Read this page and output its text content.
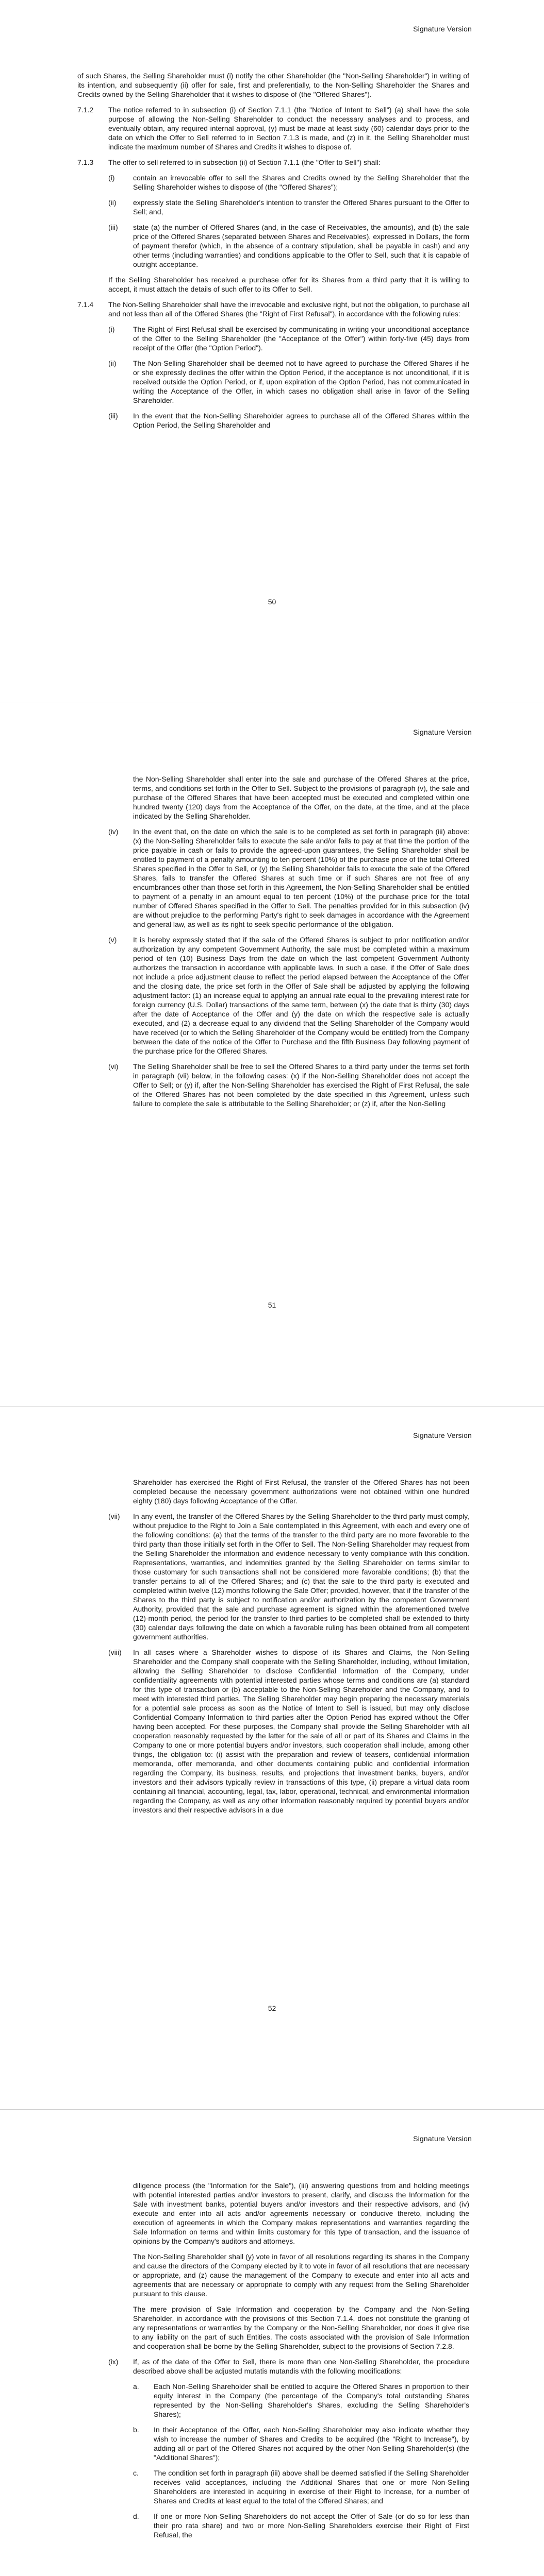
Signature Version

of such Shares, the Selling Shareholder must (i) notify the other Shareholder (the "Non-Selling Shareholder") in writing of its intention, and subsequently (ii) offer for sale, first and preferentially, to the Non-Selling Shareholder the Shares and Credits owned by the Selling Shareholder that it wishes to dispose of (the "Offered Shares").

7.1.2	The notice referred to in subsection (i) of Section 7.1.1 (the "Notice of Intent to Sell") (a) shall have the sole purpose of allowing the Non-Selling Shareholder to conduct the necessary analyses and to process, and eventually obtain, any required internal approval, (y) must be made at least sixty (60) calendar days prior to the date on which the Offer to Sell referred to in Section 7.1.3 is made, and (z) in it, the Selling Shareholder must indicate the maximum number of Shares and Credits it wishes to dispose of.
7.1.3	The offer to sell referred to in subsection (ii) of Section 7.1.1 (the "Offer to Sell") shall:
(i)	contain an irrevocable offer to sell the Shares and Credits owned by the Selling Shareholder that the Selling Shareholder wishes to dispose of (the "Offered Shares");
(ii)	expressly state the Selling Shareholder's intention to transfer the Offered Shares pursuant to the Offer to Sell; and,
(iii)	state (a) the number of Offered Shares (and, in the case of Receivables, the amounts), and (b) the sale price of the Offered Shares (separated between Shares and Receivables), expressed in Dollars, the form of payment therefor (which, in the absence of a contrary stipulation, shall be payable in cash) and any other terms (including warranties) and conditions applicable to the Offer to Sell, such that it is capable of outright acceptance.

If the Selling Shareholder has received a purchase offer for its Shares from a third party that it is willing to accept, it must attach the details of such offer to its Offer to Sell.

7.1.4	The Non-Selling Shareholder shall have the irrevocable and exclusive right, but not the obligation, to purchase all and not less than all of the Offered Shares (the "Right of First Refusal"), in accordance with the following rules:
(i)	The Right of First Refusal shall be exercised by communicating in writing your unconditional acceptance of the Offer to the Selling Shareholder (the "Acceptance of the Offer") within forty-five (45) days from receipt of the Offer (the "Option Period").
(ii)	The Non-Selling Shareholder shall be deemed not to have agreed to purchase the Offered Shares if he or she expressly declines the offer within the Option Period, if the acceptance is not unconditional, if it is received outside the Option Period, or if, upon expiration of the Option Period, has not communicated in writing the Acceptance of the Offer, in which cases no obligation shall arise in favor of the Selling Shareholder.
(iii)	In the event that the Non-Selling Shareholder agrees to purchase all of the Offered Shares within the Option Period, the Selling Shareholder and
50
Signature Version

the Non-Selling Shareholder shall enter into the sale and purchase of the Offered Shares at the price, terms, and conditions set forth in the Offer to Sell. Subject to the provisions of paragraph (v), the sale and purchase of the Offered Shares that have been accepted must be executed and completed within one hundred twenty (120) days from the Acceptance of the Offer, on the date, at the time, and at the place indicated by the Selling Shareholder.

(iv)	In the event that, on the date on which the sale is to be completed as set forth in paragraph (iii) above: (x) the Non-Selling Shareholder fails to execute the sale and/or fails to pay at that time the portion of the price payable in cash or fails to provide the agreed-upon guarantees, the Selling Shareholder shall be entitled to payment of a penalty amounting to ten percent (10%) of the purchase price of the total Offered Shares specified in the Offer to Sell, or (y) the Selling Shareholder fails to execute the sale of the Offered Shares, fails to transfer the Offered Shares at such time or if such Shares are not free of any encumbrances other than those set forth in this Agreement, the Non-Selling Shareholder shall be entitled to payment of a penalty in an amount equal to ten percent (10%) of the purchase price for the total number of Offered Shares specified in the Offer to Sell. The penalties provided for in this subsection (iv) are without prejudice to the performing Party's right to seek damages in accordance with the Agreement and general law, as well as its right to seek specific performance of the obligation.
(v)	It is hereby expressly stated that if the sale of the Offered Shares is subject to prior notification and/or authorization by any competent Government Authority, the sale must be completed within a maximum period of ten (10) Business Days from the date on which the last competent Government Authority authorizes the transaction in accordance with applicable laws. In such a case, if the Offer of Sale does not include a price adjustment clause to reflect the period elapsed between the Acceptance of the Offer and the closing date, the price set forth in the Offer of Sale shall be adjusted by applying the following adjustment factor: (1) an increase equal to applying an annual rate equal to the prevailing interest rate for foreign currency (U.S. Dollar) transactions of the same term, between (x) the date that is thirty (30) days after the date of Acceptance of the Offer and (y) the date on which the respective sale is actually executed, and (2) a decrease equal to any dividend that the Selling Shareholder of the Company would have received (or to which the Selling Shareholder of the Company would be entitled) from the Company between the date of the notice of the Offer to Purchase and the fifth Business Day following payment of the purchase price for the Offered Shares.
(vi)	The Selling Shareholder shall be free to sell the Offered Shares to a third party under the terms set forth in paragraph (vii) below, in the following cases: (x) if the Non-Selling Shareholder does not accept the Offer to Sell; or (y) if, after the Non-Selling Shareholder has exercised the Right of First Refusal, the sale of the Offered Shares has not been completed by the date specified in this Agreement, unless such failure to complete the sale is attributable to the Selling Shareholder; or (z) if, after the Non-Selling
51
Signature Version

Shareholder has exercised the Right of First Refusal, the transfer of the Offered Shares has not been completed because the necessary government authorizations were not obtained within one hundred eighty (180) days following Acceptance of the Offer.

(vii)	In any event, the transfer of the Offered Shares by the Selling Shareholder to the third party must comply, without prejudice to the Right to Join a Sale contemplated in this Agreement, with each and every one of the following conditions: (a) that the terms of the transfer to the third party are no more favorable to the third party than those initially set forth in the Offer to Sell. The Non-Selling Shareholder may request from the Selling Shareholder the information and evidence necessary to verify compliance with this condition. Representations, warranties, and indemnities granted by the Selling Shareholder on terms similar to those customary for such transactions shall not be considered more favorable conditions; (b) that the transfer pertains to all of the Offered Shares; and (c) that the sale to the third party is executed and completed within twelve (12) months following the Sale Offer; provided, however, that if the transfer of the Shares to the third party is subject to notification and/or authorization by the competent Government Authority, provided that the sale and purchase agreement is signed within the aforementioned twelve (12)-month period, the period for the transfer to third parties to be completed shall be extended to thirty (30) calendar days following the date on which a favorable ruling has been obtained from all competent government authorities.
(viii)	In all cases where a Shareholder wishes to dispose of its Shares and Claims, the Non-Selling Shareholder and the Company shall cooperate with the Selling Shareholder, including, without limitation, allowing the Selling Shareholder to disclose Confidential Information of the Company, under confidentiality agreements with potential interested parties whose terms and conditions are (a) standard for this type of transaction or (b) acceptable to the Non-Selling Shareholder and the Company, and to meet with interested third parties. The Selling Shareholder may begin preparing the necessary materials for a potential sale process as soon as the Notice of Intent to Sell is issued, but may only disclose Confidential Company Information to third parties after the Option Period has expired without the Offer having been accepted. For these purposes, the Company shall provide the Selling Shareholder with all cooperation reasonably requested by the latter for the sale of all or part of its Shares and Claims in the Company to one or more potential buyers and/or investors, such cooperation shall include, among other things, the obligation to: (i) assist with the preparation and review of teasers, confidential information memoranda, offer memoranda, and other documents containing public and confidential information regarding the Company, its business, results, and projections that investment banks, buyers, and/or investors and their advisors typically review in transactions of this type, (ii) prepare a virtual data room containing all financial, accounting, legal, tax, labor, operational, technical, and environmental information regarding the Company, as well as any other information reasonably required by potential buyers and/or investors and their respective advisors in a due
52
Signature Version

diligence process (the "Information for the Sale"), (iii) answering questions from and holding meetings with potential interested parties and/or investors to present, clarify, and discuss the Information for the Sale with investment banks, potential buyers and/or investors and their respective advisors, and (iv) execute and enter into all acts and/or agreements necessary or conducive thereto, including the execution of agreements in which the Company makes representations and warranties regarding the Sale Information on terms and within limits customary for this type of transaction, and the issuance of opinions by the Company's auditors and attorneys.

The Non-Selling Shareholder shall (y) vote in favor of all resolutions regarding its shares in the Company and cause the directors of the Company elected by it to vote in favor of all resolutions that are necessary or appropriate, and (z) cause the management of the Company to execute and enter into all acts and agreements that are necessary or appropriate to comply with any request from the Selling Shareholder pursuant to this clause.

The mere provision of Sale Information and cooperation by the Company and the Non-Selling Shareholder, in accordance with the provisions of this Section 7.1.4, does not constitute the granting of any representations or warranties by the Company or the Non-Selling Shareholder, nor does it give rise to any liability on the part of such Entities. The costs associated with the provision of Sale Information and cooperation shall be borne by the Selling Shareholder, subject to the provisions of Section 7.2.8.

(ix)	If, as of the date of the Offer to Sell, there is more than one Non-Selling Shareholder, the procedure described above shall be adjusted mutatis mutandis with the following modifications:
a.	Each Non-Selling Shareholder shall be entitled to acquire the Offered Shares in proportion to their equity interest in the Company (the percentage of the Company's total outstanding Shares represented by the Non-Selling Shareholder's Shares, excluding the Selling Shareholder's Shares);
b.	In their Acceptance of the Offer, each Non-Selling Shareholder may also indicate whether they wish to increase the number of Shares and Credits to be acquired (the "Right to Increase"), by adding all or part of the Offered Shares not acquired by the other Non-Selling Shareholder(s) (the "Additional Shares");
c.	The condition set forth in paragraph (iii) above shall be deemed satisfied if the Selling Shareholder receives valid acceptances, including the Additional Shares that one or more Non-Selling Shareholders are interested in acquiring in exercise of their Right to Increase, for a number of Shares and Credits at least equal to the total of the Offered Shares; and
d.	If one or more Non-Selling Shareholders do not accept the Offer of Sale (or do so for less than their pro rata share) and two or more Non-Selling Shareholders exercise their Right of First Refusal, the
